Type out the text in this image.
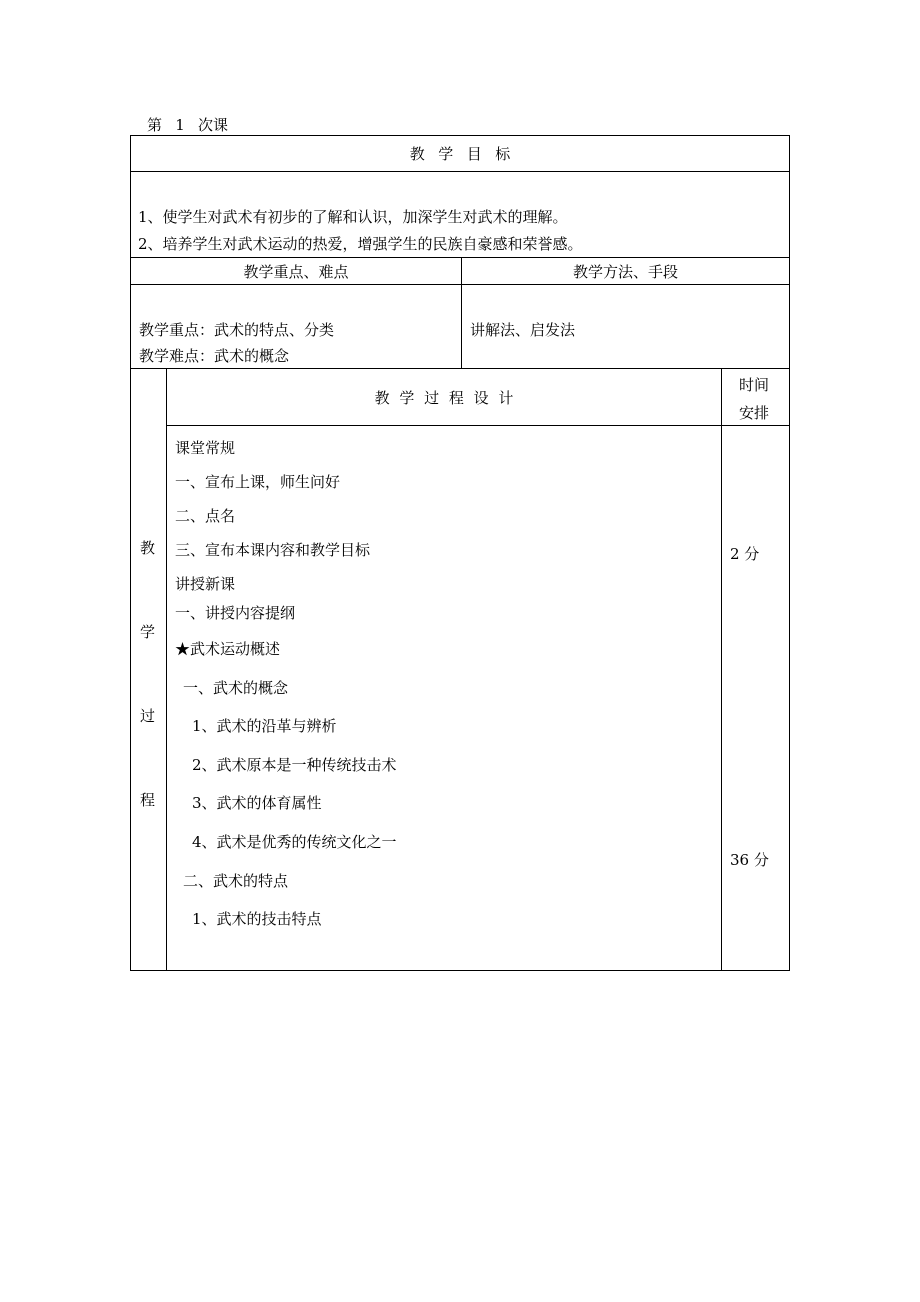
第 1 次课
教学目标
1、使学生对武术有初步的了解和认识，加深学生对武术的理解。
2、培养学生对武术运动的热爱，增强学生的民族自豪感和荣誉感。
教学重点、难点	教学方法、手段
教学重点：武术的特点、分类
教学难点：武术的概念
讲解法、启发法
教
学
过
程
教学过程设计
时间
安排
课堂常规
一、宣布上课，师生问好
二、点名
三、宣布本课内容和教学目标
讲授新课
一、讲授内容提纲
★武术运动概述
一、武术的概念
1、武术的沿革与辨析
2、武术原本是一种传统技击术
3、武术的体育属性
4、武术是优秀的传统文化之一
二、武术的特点
1、武术的技击特点
2 分
36 分
